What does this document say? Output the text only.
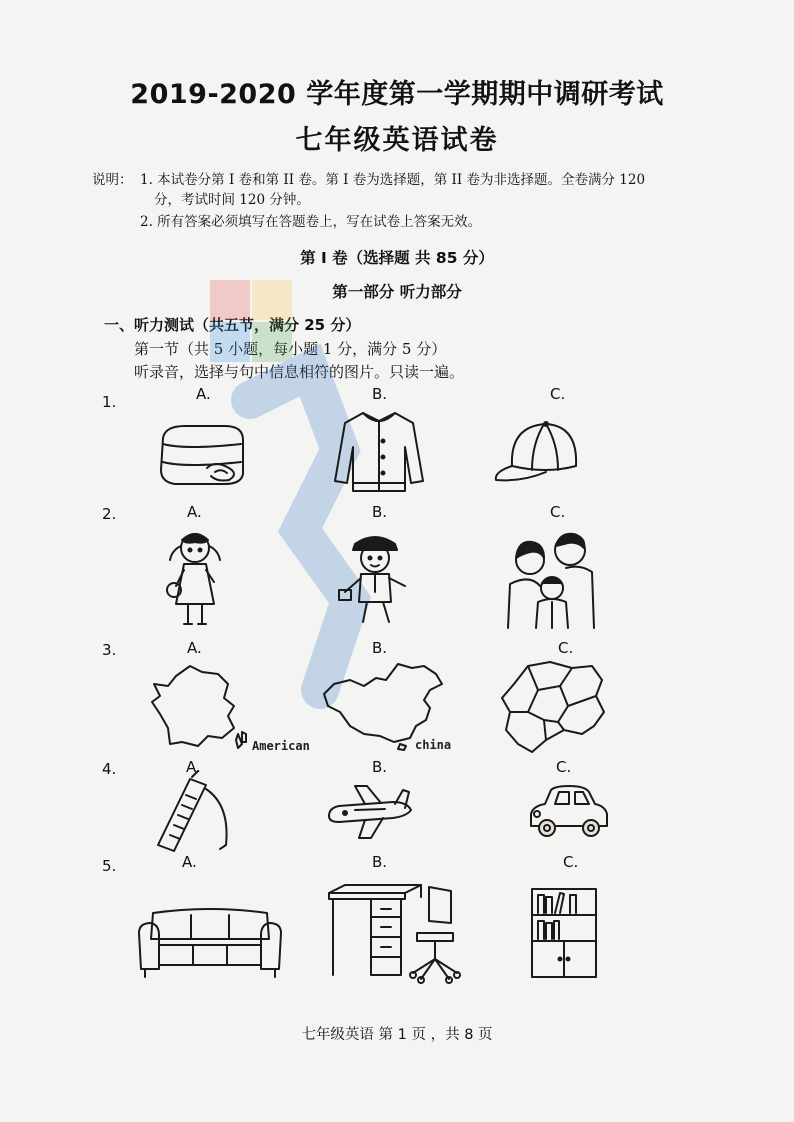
2019-2020 学年度第一学期期中调研考试
七年级英语试卷
说明： 1. 本试卷分第 I 卷和第 II 卷。第 I 卷为选择题，第 II 卷为非选择题。全卷满分 120
分，考试时间 120 分钟。
2. 所有答案必须填写在答题卷上，写在试卷上答案无效。
第 I 卷（选择题 共 85 分）
第一部分 听力部分
一、听力测试（共五节，满分 25 分）
第一节（共 5 小题，每小题 1 分，满分 5 分）
听录音，选择与句中信息相符的图片。只读一遍。
1.	A.	B.	C.
2.	A.	B.	C.
3.	A.	B.	C.
American	china
4.	A.	B.	C.
5.	A.	B.	C.
七年级英语 第 1 页 ，共 8 页
